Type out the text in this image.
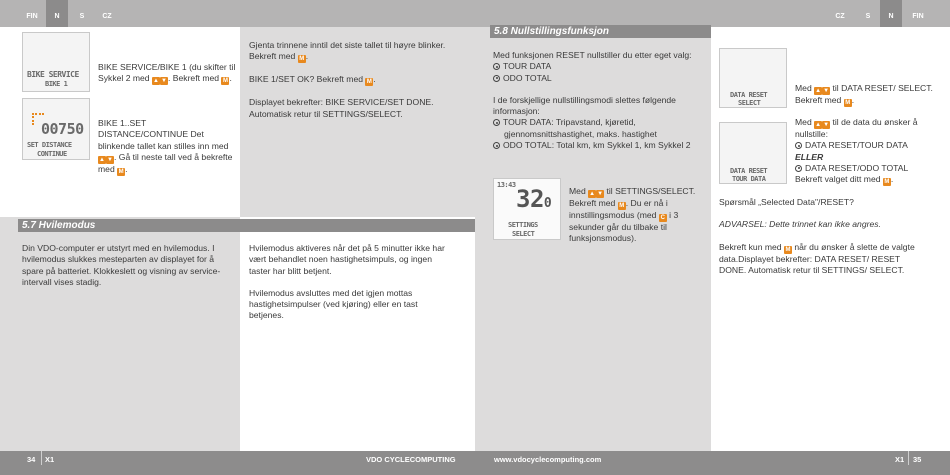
FIN	N	S	CZ	CZ	S	N	FIN
BIKE SERVICE
BIKE 1
BIKE SERVICE/BIKE 1 (du skifter til Sykkel 2 med ▲ ▼. Bekreft med M .
00750
SET DISTANCE
CONTINUE
BIKE 1..SET DISTANCE/CONTINUE Det blinkende tallet kan stilles inn med ▲ ▼. Gå til neste tall ved å bekrefte med M .

Gjenta trinnene inntil det siste tallet til høyre blinker. Bekreft med M .

BIKE 1/SET OK? Bekreft med M .

Displayet bekrefter: BIKE SERVICE/SET DONE. Automatisk retur til SETTINGS/SELECT.

5.7 Hvilemodus
Din VDO-computer er utstyrt med en hvilemodus. I hvilemodus slukkes mesteparten av displayet for å spare på batteriet. Klokkeslett og visning av service-intervall vises stadig.

Hvilemodus aktiveres når det på 5 minutter ikke har vært behandlet noen hastighetsimpuls, og ingen taster har blitt betjent.

Hvilemodus avsluttes med det igjen mottas hastighetsimpulser (ved kjøring) eller en tast betjenes.

5.8 Nullstillingsfunksjon

Med funksjonen RESET nullstiller du etter eget valg:

TOUR DATA

ODO TOTAL

I de forskjellige nullstillingsmodi slettes følgende informasjon:

TOUR DATA: Tripavstand, kjøretid, gjennomsnittshastighet, maks. hastighet

ODO TOTAL: Total km, km Sykkel 1, km Sykkel 2

13:43 320
SETTINGS
SELECT
Med ▲ ▼ til SETTINGS/SELECT. Bekreft med M . Du er nå i innstillingsmodus (med C i 3 sekunder går du tilbake til funksjonsmodus).
DATA RESET
SELECT
Med ▲ ▼ til DATA RESET/ SELECT. Bekreft med M .
DATA RESET
TOUR DATA

Med ▲ ▼ til de data du ønsker å nullstille:

DATA RESET/TOUR DATA

ELLER

DATA RESET/ODO TOTAL

Bekreft valget ditt med M .

Spørsmål „Selected Data"/RESET?

ADVARSEL: Dette trinnet kan ikke angres.

Bekreft kun med M når du ønsker å slette de valgte data.Displayet bekrefter: DATA RESET/ RESET DONE. Automatisk retur til SETTINGS/ SELECT.

34 X1	VDO CYCLECOMPUTING	www.vdocyclecomputing.com	X1 35
